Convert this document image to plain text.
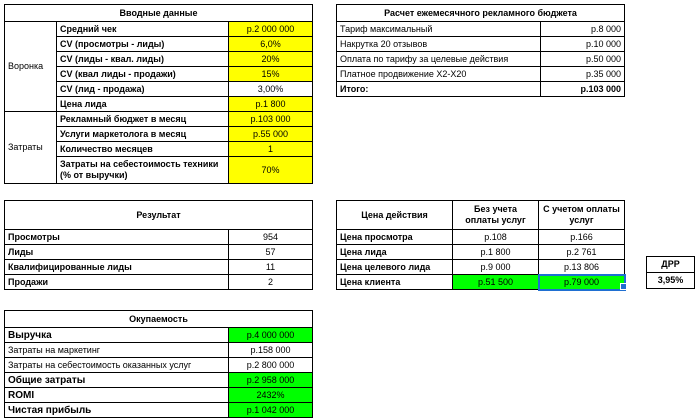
Вводные данные		
Воронка	Средний чек	р.2 000 000
	CV (просмотры - лиды)	6,0%
	CV (лиды - квал. лиды)	20%
	CV (квал лиды - продажи)	15%
	CV (лид - продажа)	3,00%
	Цена лида	р.1 800
Затраты	Рекламный бюджет в месяц	р.103 000
	Услуги маркетолога в месяц	р.55 000
	Количество месяцев	1
	Затраты на себестоимость техники (% от выручки)	70%
Расчет ежемесячного рекламного бюджета	
Тариф максимальный	р.8 000
Накрутка 20 отзывов	р.10 000
Оплата по тарифу за целевые действия	р.50 000
Платное продвижение Х2-Х20	р.35 000
Итого:	р.103 000
Результат	
Просмотры	954
Лиды	57
Квалифицированные лиды	11
Продажи	2
Цена действия	Без учета оплаты услуг	С учетом оплаты услуг
Цена просмотра	р.108	р.166
Цена лида	р.1 800	р.2 761
Цена целевого лида	р.9 000	р.13 806
Цена клиента	р.51 500	р.79 000
ДРР
3,95%
Окупаемость	
Выручка	р.4 000 000
Затраты на маркетинг	р.158 000
Затраты на себестоимость оказанных услуг	р.2 800 000
Общие затраты	р.2 958 000
ROMI	2432%
Чистая прибыль	р.1 042 000
